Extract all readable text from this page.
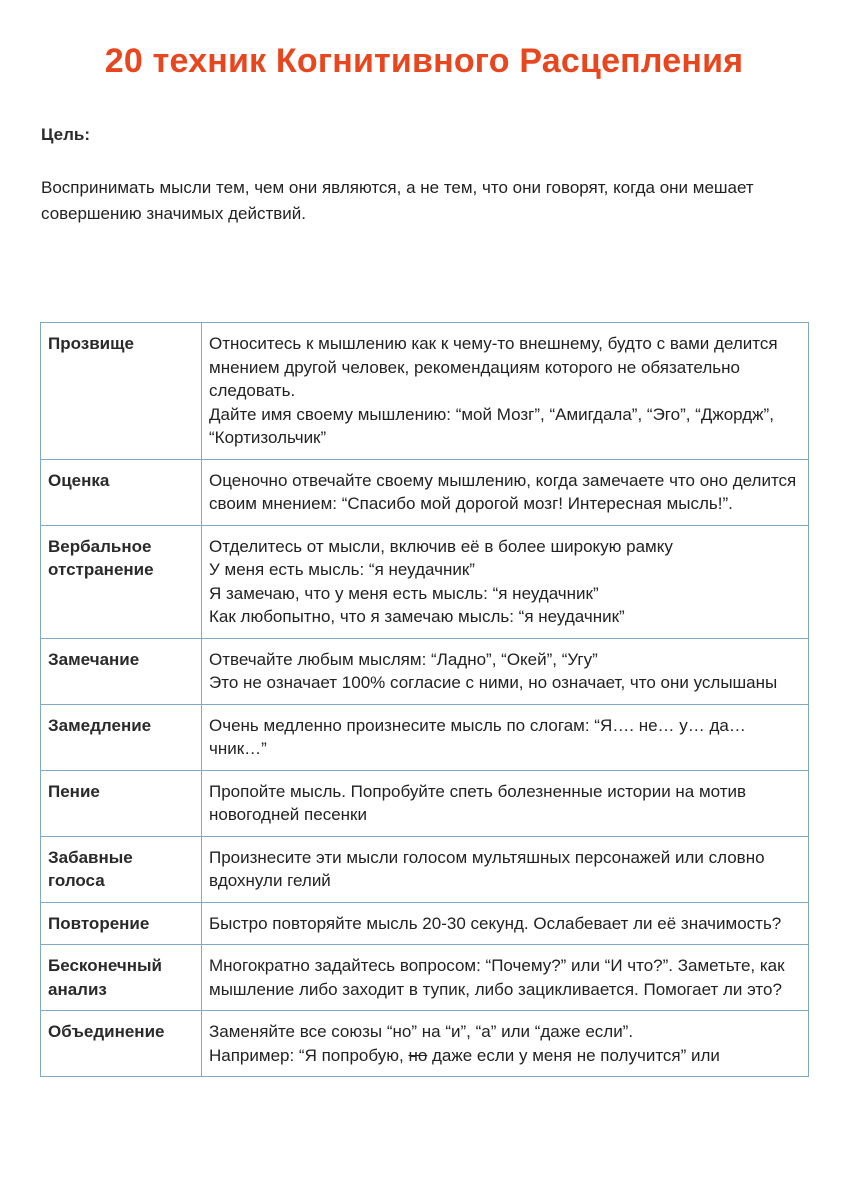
20 техник Когнитивного Расцепления
Цель:
Воспринимать мысли тем, чем они являются, а не тем, что они говорят, когда они мешает совершению значимых действий.
Прозвище	Относитесь к мышлению как к чему-то внешнему, будто с вами делится мнением другой человек, рекомендациям которого не обязательно следовать.
Дайте имя своему мышлению: “мой Мозг”, “Амигдала”, “Эго”, “Джордж”, “Кортизольчик”

Оценка	Оценочно отвечайте своему мышлению, когда замечаете что оно делится своим мнением: “Спасибо мой дорогой мозг! Интересная мысль!”.

Вербальное отстранение	Отделитесь от мысли, включив её в более широкую рамку
У меня есть мысль: “я неудачник”
Я замечаю, что у меня есть мысль: “я неудачник”
Как любопытно, что я замечаю мысль: “я неудачник”

Замечание	Отвечайте любым мыслям: “Ладно”, “Окей”, “Угу”
Это не означает 100% согласие с ними, но означает, что они услышаны

Замедление	Очень медленно произнесите мысль по слогам: “Я…. не… у… да… чник…”

Пение	Пропойте мысль. Попробуйте спеть болезненные истории на мотив новогодней песенки

Забавные голоса	Произнесите эти мысли голосом мультяшных персонажей или словно вдохнули гелий

Повторение	Быстро повторяйте мысль 20-30 секунд. Ослабевает ли её значимость?

Бесконечный анализ	Многократно задайтесь вопросом: “Почему?” или “И что?”. Заметьте, как мышление либо заходит в тупик, либо зацикливается. Помогает ли это?

Объединение	Заменяйте все союзы “но” на “и”, “а” или “даже если”.
Например: “Я попробую, но даже если у меня не получится” или
